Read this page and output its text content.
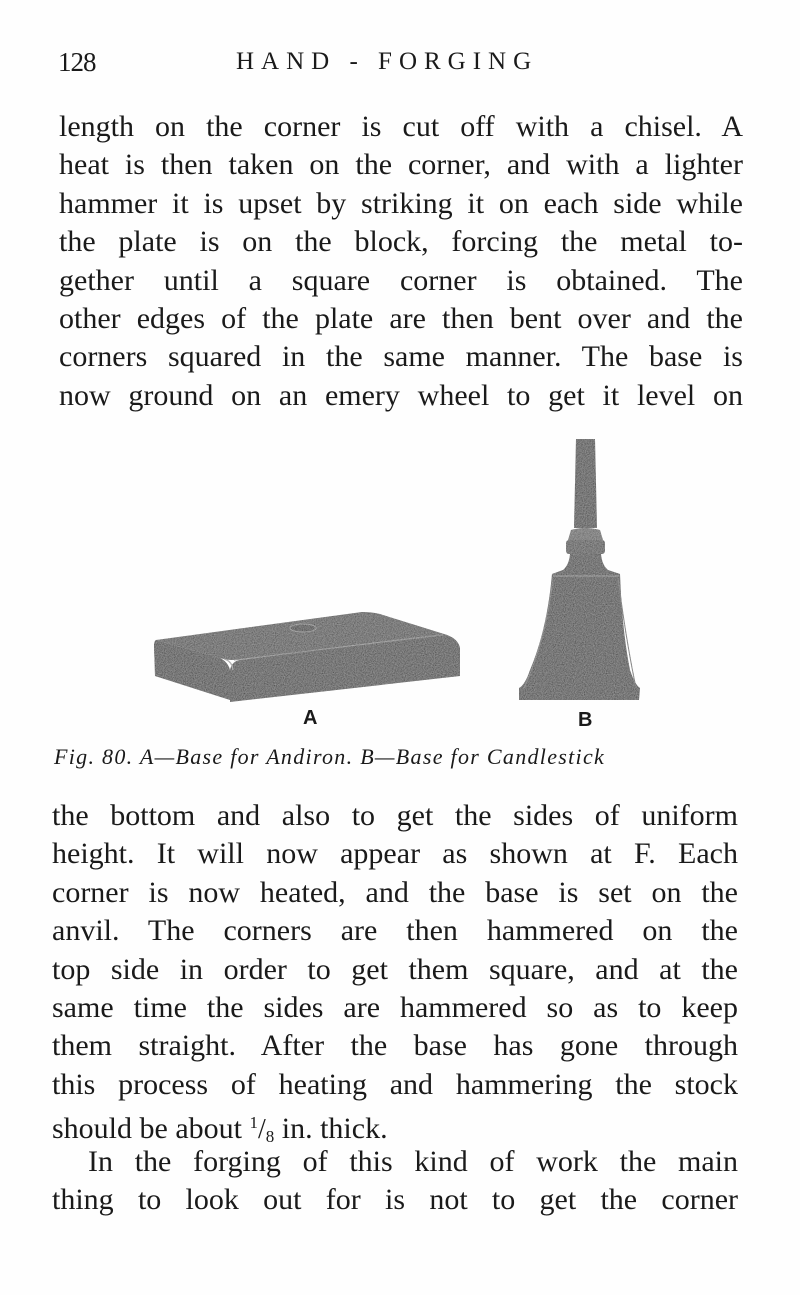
128	HAND - FORGING
length on the corner is cut off with a chisel. A
heat is then taken on the corner, and with a lighter
hammer it is upset by striking it on each side while
the plate is on the block, forcing the metal to-
gether until a square corner is obtained. The
other edges of the plate are then bent over and the
corners squared in the same manner. The base is
now ground on an emery wheel to get it level on
A	B
Fig. 80. A—Base for Andiron. B—Base for Candlestick
the bottom and also to get the sides of uniform
height. It will now appear as shown at F. Each
corner is now heated, and the base is set on the
anvil. The corners are then hammered on the
top side in order to get them square, and at the
same time the sides are hammered so as to keep
them straight. After the base has gone through
this process of heating and hammering the stock
should be about $^1/_8$ in. thick.
In the forging of this kind of work the main
thing to look out for is not to get the corner
